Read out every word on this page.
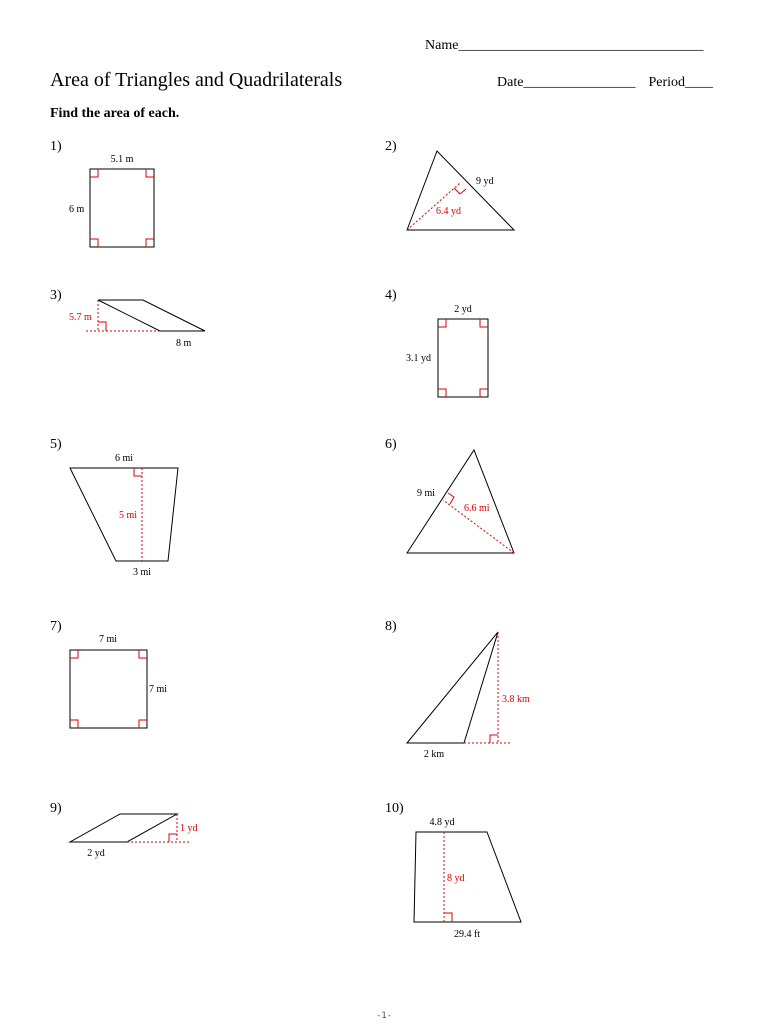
Name___________________________________
Area of Triangles and Quadrilaterals	Date________________ Period____
Find the area of each.
1)	2)
3)	4)
5)	6)
7)	8)
9)	10)
5.1 m
6 m
9 yd
6.4 yd
5.7 m
8 m
2 yd
3.1 yd
6 mi
5 mi
3 mi
9 mi
6.6 mi
7 mi
7 mi
3.8 km
2 km
1 yd
2 yd
4.8 yd
8 yd
29.4 ft
-1-
